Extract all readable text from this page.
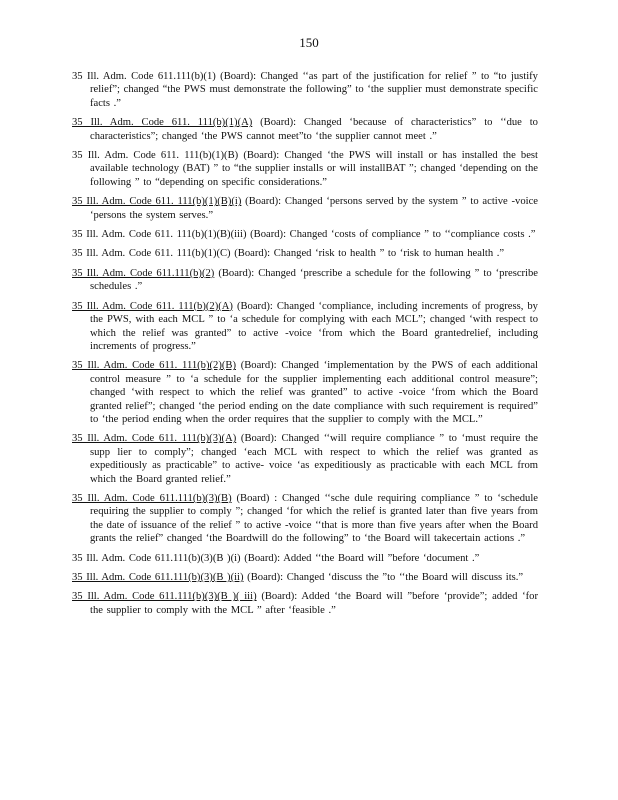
150

35 Ill. Adm. Code 611.111(b)(1) (Board): Changed ‘‘as part of the justification for relief ” to “to justify relief”; changed “the PWS must demonstrate the following” to ‘the supplier must demonstrate specific facts .”

35 Ill. Adm. Code 611. 111(b)(1)(A) (Board): Changed ‘because of characteristics” to ‘‘due to characteristics”; changed ‘the PWS cannot meet”to ‘the supplier cannot meet .”

35 Ill. Adm. Code 611. 111(b)(1)(B) (Board): Changed ‘the PWS will install or has installed the best available technology (BAT) ” to “the supplier installs or will installBAT ”; changed ‘depending on the following ” to “depending on specific considerations.”

35 Ill. Adm. Code 611. 111(b)(1)(B)(i) (Board): Changed ‘persons served by the system ” to active -voice ‘persons the system serves.”

35 Ill. Adm. Code 611. 111(b)(1)(B)(iii) (Board): Changed ‘costs of compliance ” to ‘‘compliance costs .”

35 Ill. Adm. Code 611. 111(b)(1)(C) (Board): Changed ‘risk to health ” to ‘risk to human health .”

35 Ill. Adm. Code 611.111(b)(2) (Board): Changed ‘prescribe a schedule for the following ” to ‘prescribe schedules .”

35 Ill. Adm. Code 611. 111(b)(2)(A) (Board): Changed ‘compliance, including increments of progress, by the PWS, with each MCL ” to ‘a schedule for complying with each MCL”; changed ‘with respect to which the relief was granted” to active -voice ‘from which the Board grantedrelief, including increments of progress.”

35 Ill. Adm. Code 611. 111(b)(2)(B) (Board): Changed ‘implementation by the PWS of each additional control measure ” to ‘a schedule for the supplier implementing each additional control measure”; changed ‘with respect to which the relief was granted” to active -voice ‘from which the Board granted relief”; changed ‘the period ending on the date compliance with such requirement is required” to ‘the period ending when the order requires that the supplier to comply with the MCL.”

35 Ill. Adm. Code 611. 111(b)(3)(A) (Board): Changed ‘‘will require compliance ” to ‘must require the supp lier to comply”; changed ‘each MCL with respect to which the relief was granted as expeditiously as practicable” to active- voice ‘as expeditiously as practicable with each MCL from which the Board granted relief.”

35 Ill. Adm. Code 611.111(b)(3)(B) (Board) : Changed ‘‘sche dule requiring compliance ” to ‘schedule requiring the supplier to comply ”; changed ‘for which the relief is granted later than five years from the date of issuance of the relief ” to active -voice ‘‘that is more than five years after when the Board grants the relief” changed ‘the Boardwill do the following” to ‘the Board will takecertain actions .”

35 Ill. Adm. Code 611.111(b)(3)(B )(i) (Board): Added ‘‘the Board will ”before ‘document .”

35 Ill. Adm. Code 611.111(b)(3)(B )(ii) (Board): Changed ‘discuss the ”to ‘‘the Board will discuss its.”

35 Ill. Adm. Code 611.111(b)(3)(B )( iii) (Board): Added ‘the Board will ”before ‘provide”; added ‘for the supplier to comply with the MCL ” after ‘feasible .”
